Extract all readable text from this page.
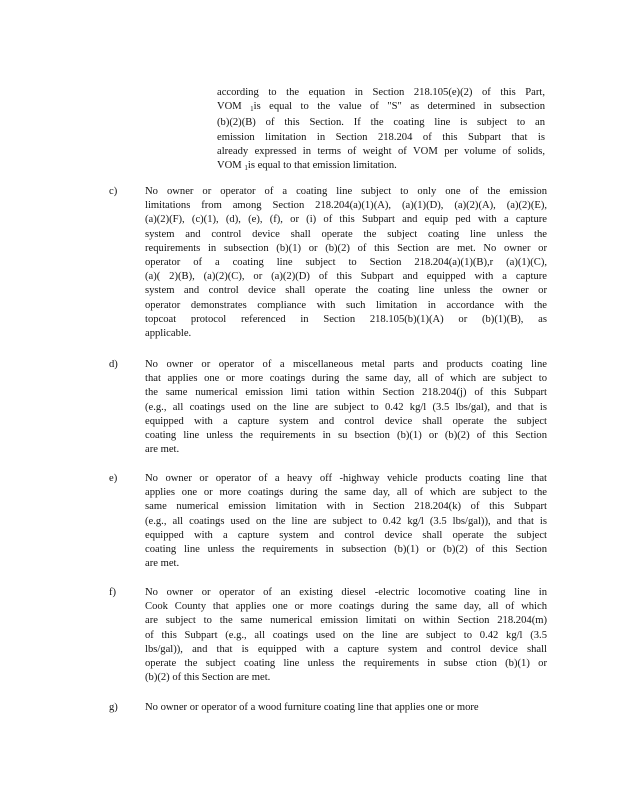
according to the equation in Section 218.105(e)(2) of this Part,
VOM $_1$is equal to the value of "S" as determined in subsection
(b)(2)(B) of this Section. If the coating line is subject to an
emission limitation in Section 218.204 of this Subpart that is
already expressed in terms of weight of VOM per volume of solids,
VOM $_1$is equal to that emission limitation.
c)	No owner or operator of a coating line subject to only one of the emission
limitations from among Section 218.204(a)(1)(A), (a)(1)(D), (a)(2)(A), (a)(2)(E),
(a)(2)(F), (c)(1), (d), (e), (f), or (i) of this Subpart and equip ped with a capture
system and control device shall operate the subject coating line unless the
requirements in subsection (b)(1) or (b)(2) of this Section are met. No owner or
operator of a coating line subject to Section 218.204(a)(1)(B),r (a)(1)(C),
(a)( 2)(B), (a)(2)(C), or (a)(2)(D) of this Subpart and equipped with a capture
system and control device shall operate the coating line unless the owner or
operator demonstrates compliance with such limitation in accordance with the
topcoat protocol referenced in Section 218.105(b)(1)(A) or (b)(1)(B), as
applicable.
d)	No owner or operator of a miscellaneous metal parts and products coating line
that applies one or more coatings during the same day, all of which are subject to
the same numerical emission limi tation within Section 218.204(j) of this Subpart
(e.g., all coatings used on the line are subject to 0.42 kg/l (3.5 lbs/gal), and that is
equipped with a capture system and control device shall operate the subject
coating line unless the requirements in su bsection (b)(1) or (b)(2) of this Section
are met.
e)	No owner or operator of a heavy off -highway vehicle products coating line that
applies one or more coatings during the same day, all of which are subject to the
same numerical emission limitation with in Section 218.204(k) of this Subpart
(e.g., all coatings used on the line are subject to 0.42 kg/l (3.5 lbs/gal)), and that is
equipped with a capture system and control device shall operate the subject
coating line unless the requirements in subsection (b)(1) or (b)(2) of this Section
are met.
f)	No owner or operator of an existing diesel -electric locomotive coating line in
Cook County that applies one or more coatings during the same day, all of which
are subject to the same numerical emission limitati on within Section 218.204(m)
of this Subpart (e.g., all coatings used on the line are subject to 0.42 kg/l (3.5
lbs/gal)), and that is equipped with a capture system and control device shall
operate the subject coating line unless the requirements in subse ction (b)(1) or
(b)(2) of this Section are met.
g)	No owner or operator of a wood furniture coating line that applies one or more
